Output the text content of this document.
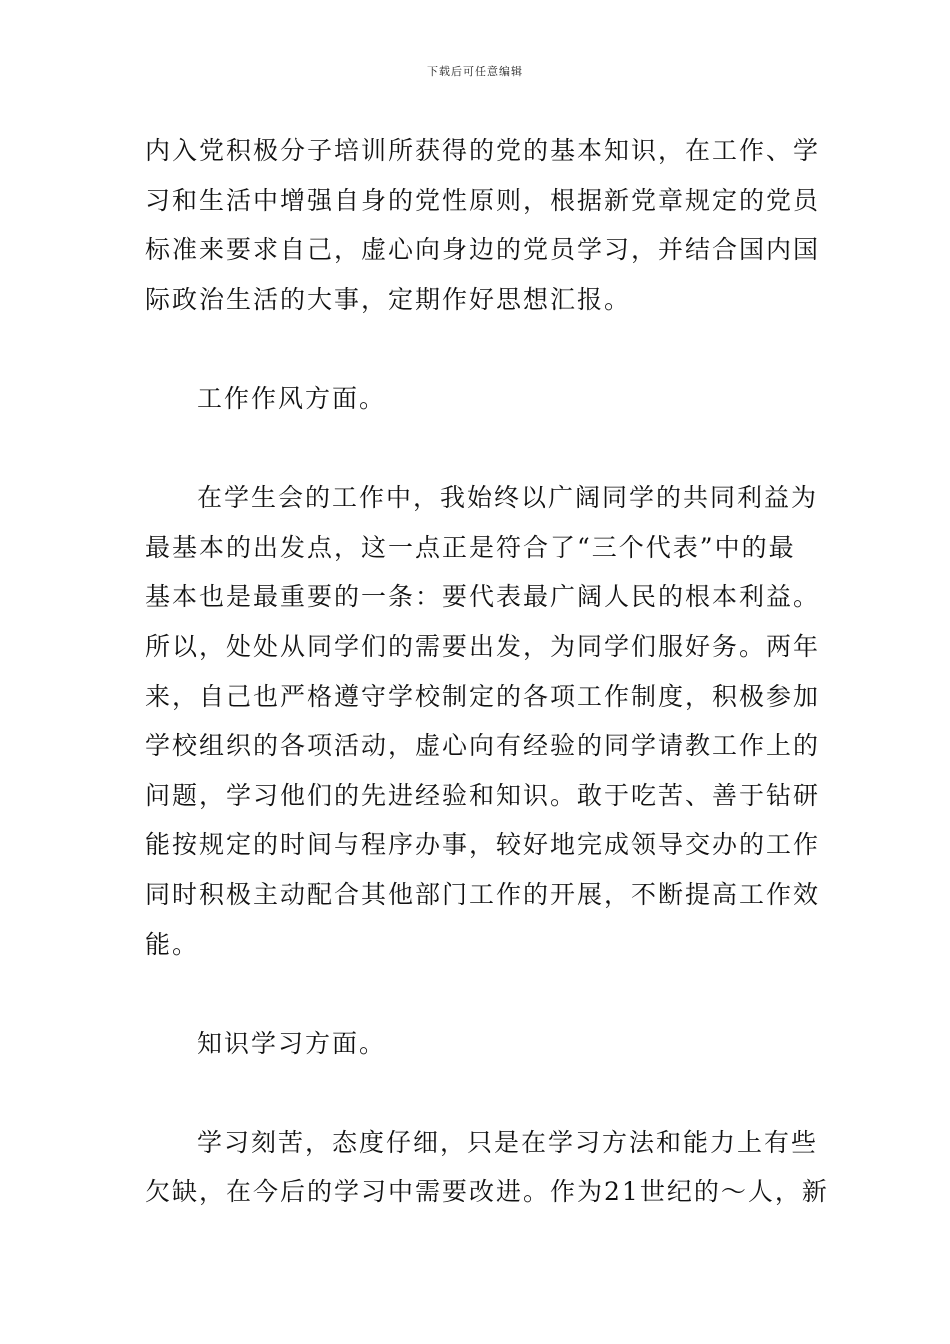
下载后可任意编辑
内入党积极分子培训所获得的党的基本知识，在工作、学
习和生活中增强自身的党性原则，根据新党章规定的党员
标准来要求自己，虚心向身边的党员学习，并结合国内国
际政治生活的大事，定期作好思想汇报。
工作作风方面。
在学生会的工作中，我始终以广阔同学的共同利益为
最基本的出发点，这一点正是符合了“三个代表”中的最
基本也是最重要的一条：要代表最广阔人民的根本利益。
所以，处处从同学们的需要出发，为同学们服好务。两年
来，自己也严格遵守学校制定的各项工作制度，积极参加
学校组织的各项活动，虚心向有经验的同学请教工作上的
问题，学习他们的先进经验和知识。敢于吃苦、善于钻研
能按规定的时间与程序办事，较好地完成领导交办的工作
同时积极主动配合其他部门工作的开展，不断提高工作效
能。
知识学习方面。
学习刻苦，态度仔细，只是在学习方法和能力上有些
欠缺，在今后的学习中需要改进。作为21世纪的～人，新
